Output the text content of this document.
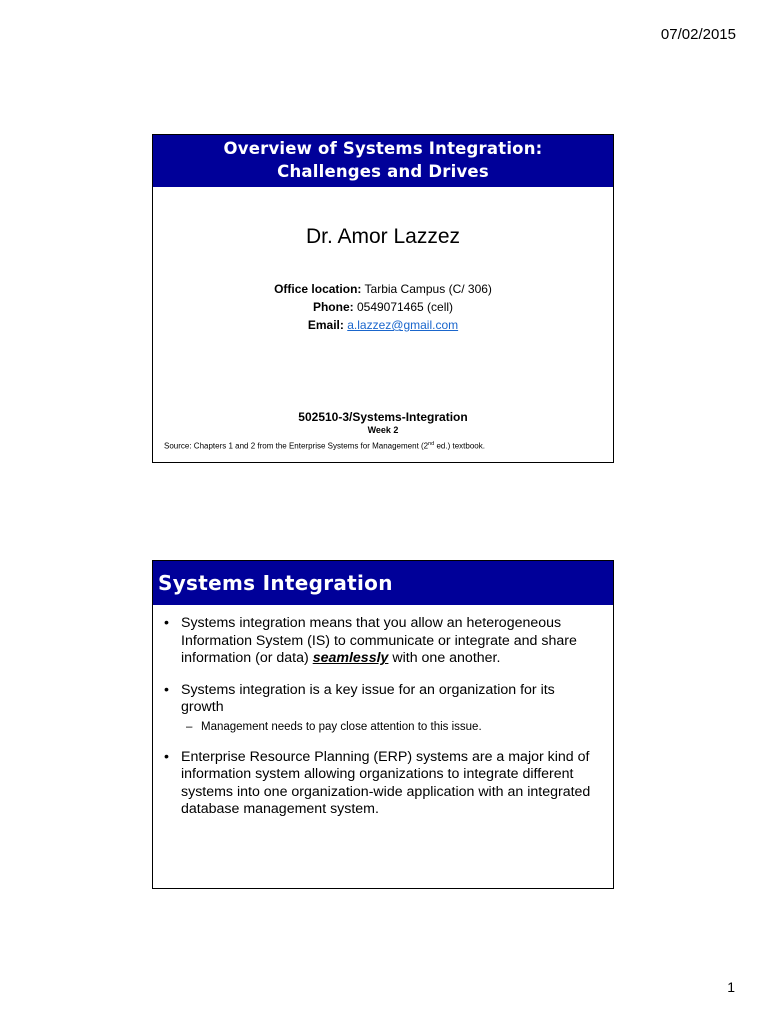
07/02/2015
Overview of Systems Integration:
Challenges and Drives
Dr. Amor Lazzez
Office location: Tarbia Campus (C/ 306)
Phone: 0549071465 (cell)
Email: a.lazzez@gmail.com
502510-3/Systems-Integration
Week 2
Source: Chapters 1 and 2 from the Enterprise Systems for Management (2nd ed.) textbook.
Systems Integration
• Systems integration means that you allow an heterogeneous Information System (IS) to communicate or integrate and share information (or data) seamlessly with one another.
• Systems integration is a key issue for an organization for its growth
– Management needs to pay close attention to this issue.
• Enterprise Resource Planning (ERP) systems are a major kind of information system allowing organizations to integrate different systems into one organization-wide application with an integrated database management system.
1
